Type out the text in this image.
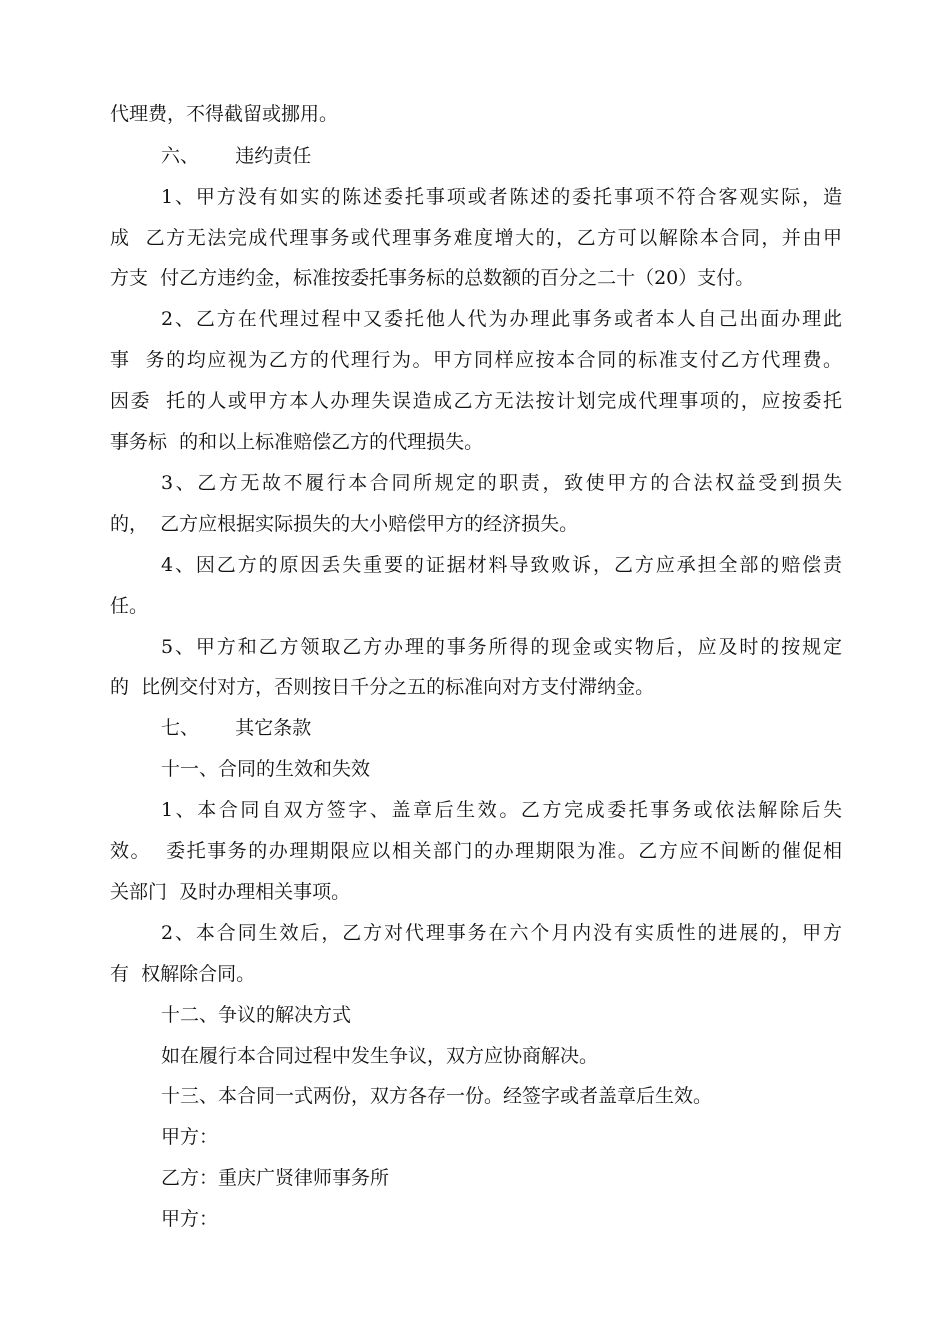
代理费，不得截留或挪用。
六、      违约责任
1、甲方没有如实的陈述委托事项或者陈述的委托事项不符合客观实际，造
成  乙方无法完成代理事务或代理事务难度增大的，乙方可以解除本合同，并由甲
方支  付乙方违约金，标准按委托事务标的总数额的百分之二十（20）支付。
2、乙方在代理过程中又委托他人代为办理此事务或者本人自己出面办理此
事  务的均应视为乙方的代理行为。甲方同样应按本合同的标准支付乙方代理费。
因委  托的人或甲方本人办理失误造成乙方无法按计划完成代理事项的，应按委托
事务标  的和以上标准赔偿乙方的代理损失。
3、乙方无故不履行本合同所规定的职责，致使甲方的合法权益受到损失
的，  乙方应根据实际损失的大小赔偿甲方的经济损失。
4、因乙方的原因丢失重要的证据材料导致败诉，乙方应承担全部的赔偿责
任。
5、甲方和乙方领取乙方办理的事务所得的现金或实物后，应及时的按规定
的  比例交付对方，否则按日千分之五的标准向对方支付滞纳金。
七、      其它条款
十一、合同的生效和失效
1、本合同自双方签字、盖章后生效。乙方完成委托事务或依法解除后失
效。  委托事务的办理期限应以相关部门的办理期限为准。乙方应不间断的催促相
关部门  及时办理相关事项。
2、本合同生效后，乙方对代理事务在六个月内没有实质性的进展的，甲方
有  权解除合同。
十二、争议的解决方式
如在履行本合同过程中发生争议，双方应协商解决。
十三、本合同一式两份，双方各存一份。经签字或者盖章后生效。
甲方：
乙方：重庆广贤律师事务所
甲方：
